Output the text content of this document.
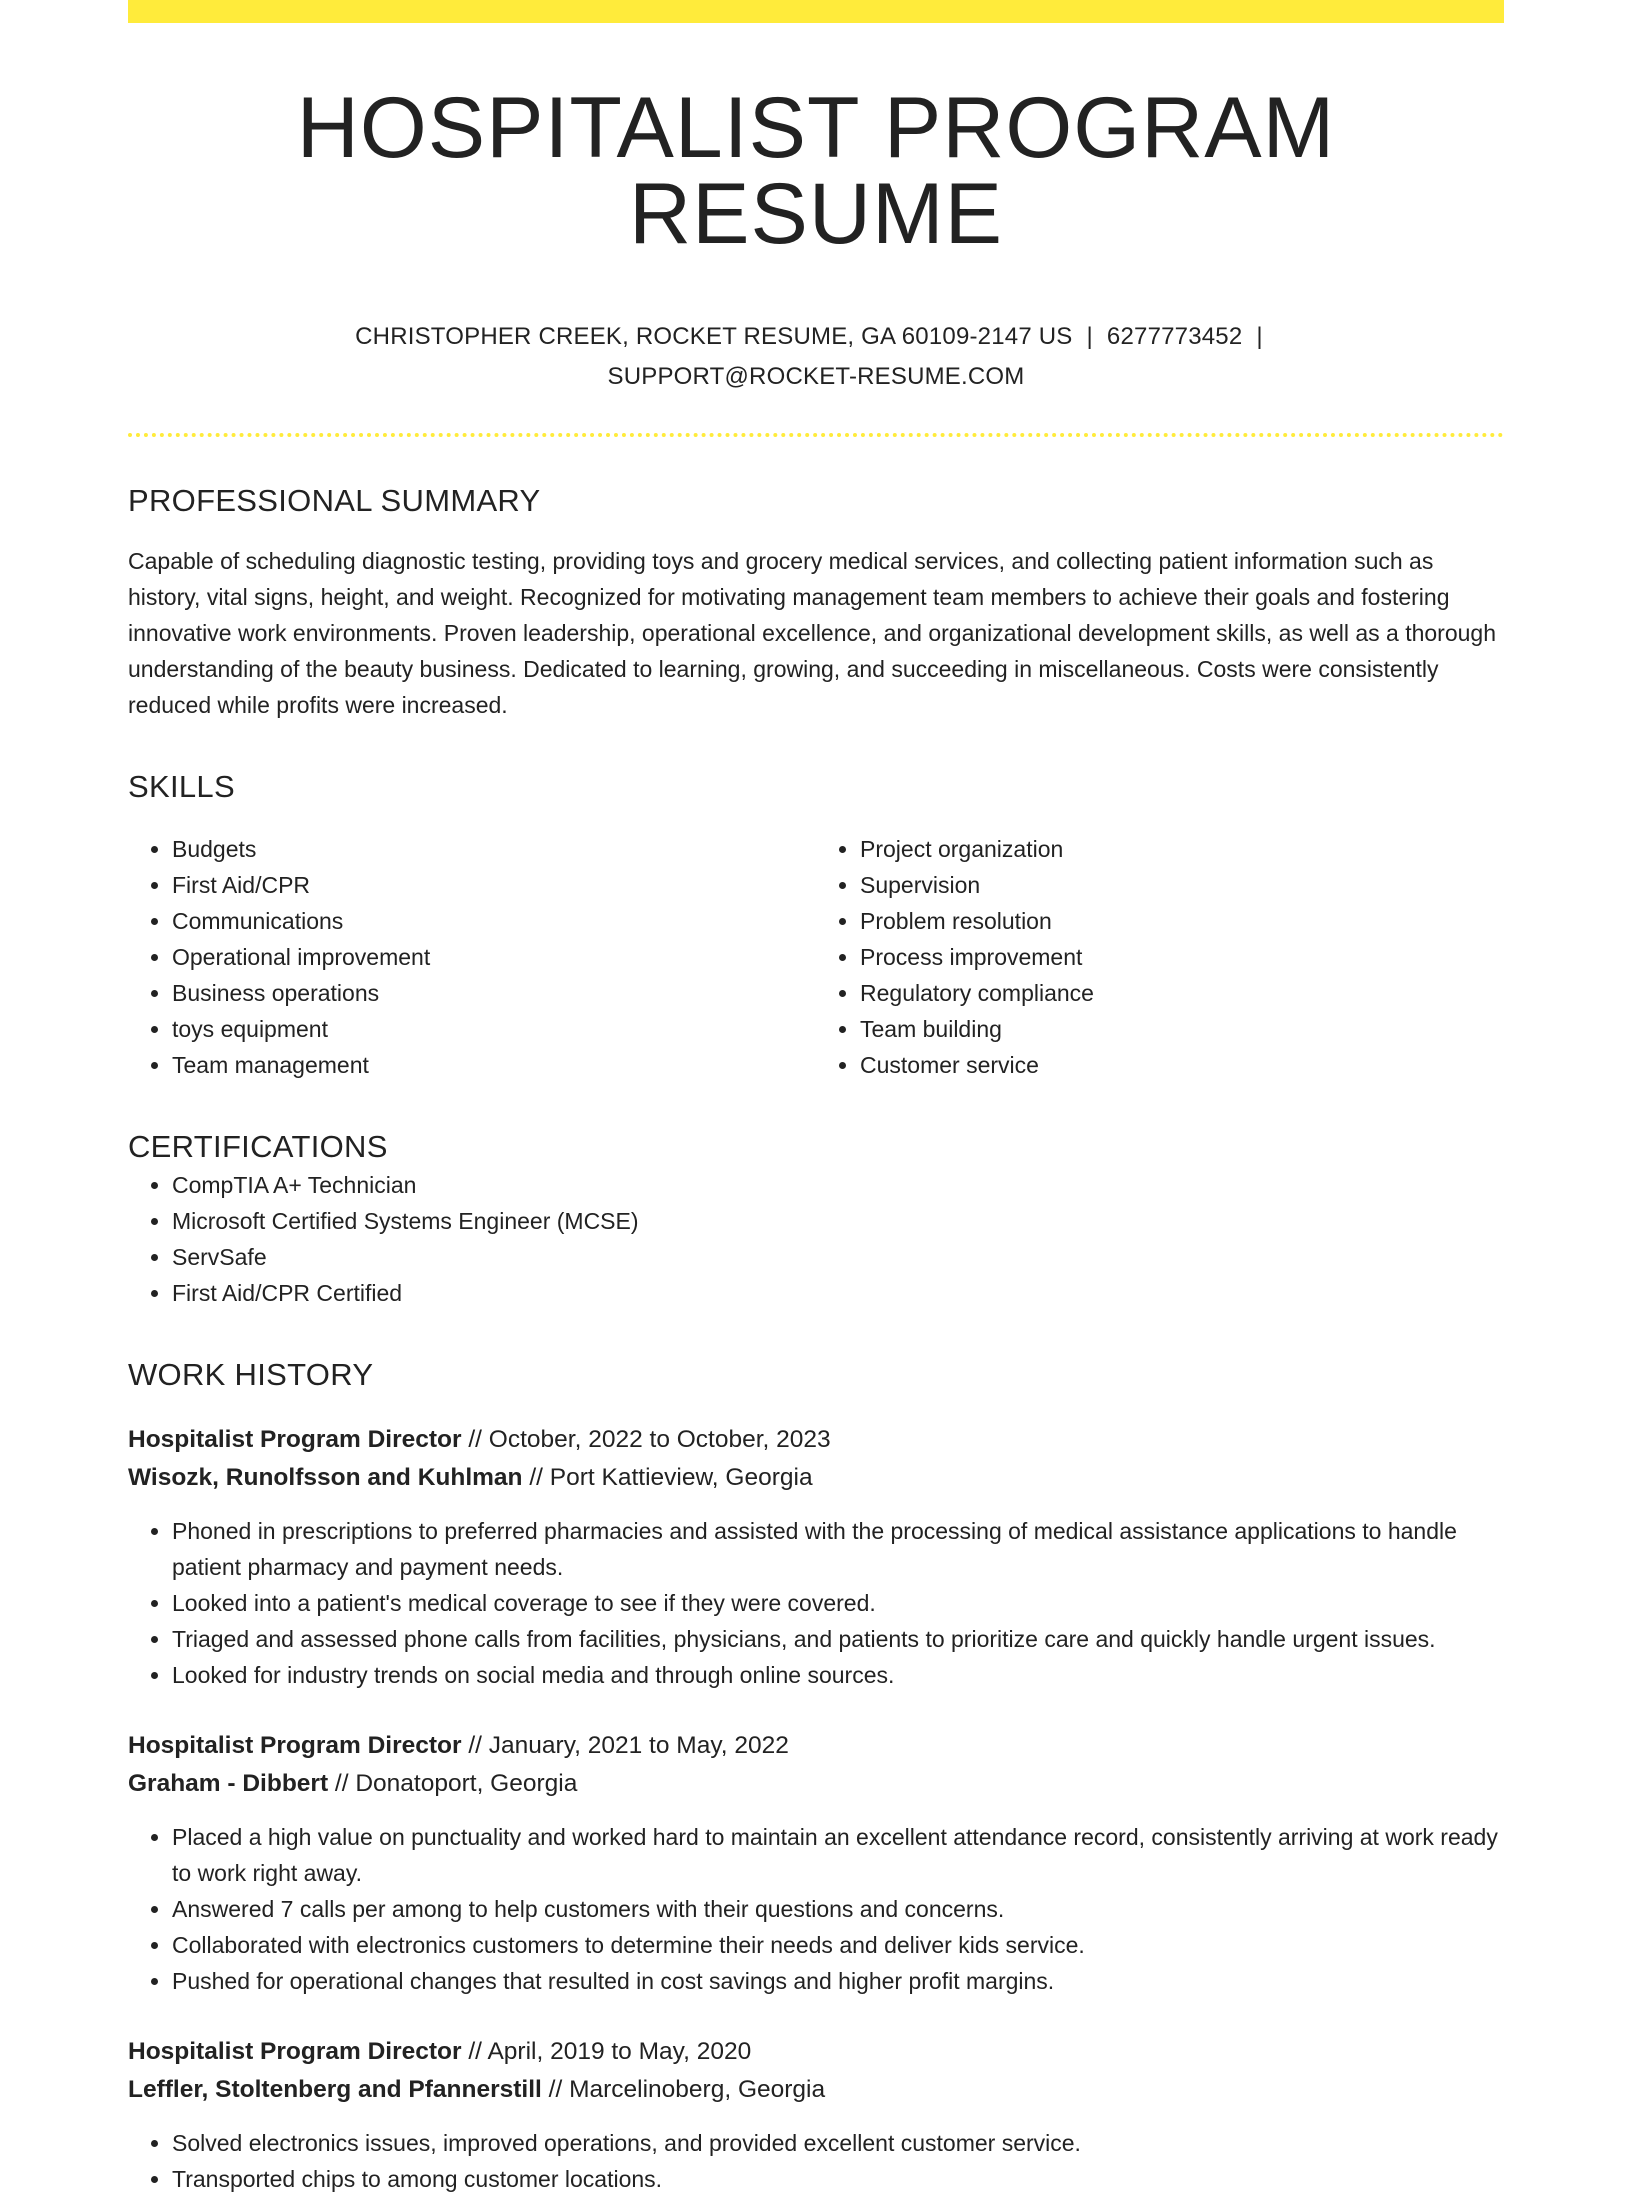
HOSPITALIST PROGRAM RESUME
CHRISTOPHER CREEK, ROCKET RESUME, GA 60109-2147 US | 6277773452 |
SUPPORT@ROCKET-RESUME.COM
PROFESSIONAL SUMMARY

Capable of scheduling diagnostic testing, providing toys and grocery medical services, and collecting patient information such as history, vital signs, height, and weight. Recognized for motivating management team members to achieve their goals and fostering innovative work environments. Proven leadership, operational excellence, and organizational development skills, as well as a thorough understanding of the beauty business. Dedicated to learning, growing, and succeeding in miscellaneous. Costs were consistently reduced while profits were increased.

SKILLS
• Budgets
• First Aid/CPR
• Communications
• Operational improvement
• Business operations
• toys equipment
• Team management
• Project organization
• Supervision
• Problem resolution
• Process improvement
• Regulatory compliance
• Team building
• Customer service
CERTIFICATIONS
• CompTIA A+ Technician
• Microsoft Certified Systems Engineer (MCSE)
• ServSafe
• First Aid/CPR Certified
WORK HISTORY
Hospitalist Program Director // October, 2022 to October, 2023
Wisozk, Runolfsson and Kuhlman // Port Kattieview, Georgia
• Phoned in prescriptions to preferred pharmacies and assisted with the processing of medical assistance applications to handle patient pharmacy and payment needs.
• Looked into a patient's medical coverage to see if they were covered.
• Triaged and assessed phone calls from facilities, physicians, and patients to prioritize care and quickly handle urgent issues.
• Looked for industry trends on social media and through online sources.
Hospitalist Program Director // January, 2021 to May, 2022
Graham - Dibbert // Donatoport, Georgia
• Placed a high value on punctuality and worked hard to maintain an excellent attendance record, consistently arriving at work ready to work right away.
• Answered 7 calls per among to help customers with their questions and concerns.
• Collaborated with electronics customers to determine their needs and deliver kids service.
• Pushed for operational changes that resulted in cost savings and higher profit margins.
Hospitalist Program Director // April, 2019 to May, 2020
Leffler, Stoltenberg and Pfannerstill // Marcelinoberg, Georgia
• Solved electronics issues, improved operations, and provided excellent customer service.
• Transported chips to among customer locations.
